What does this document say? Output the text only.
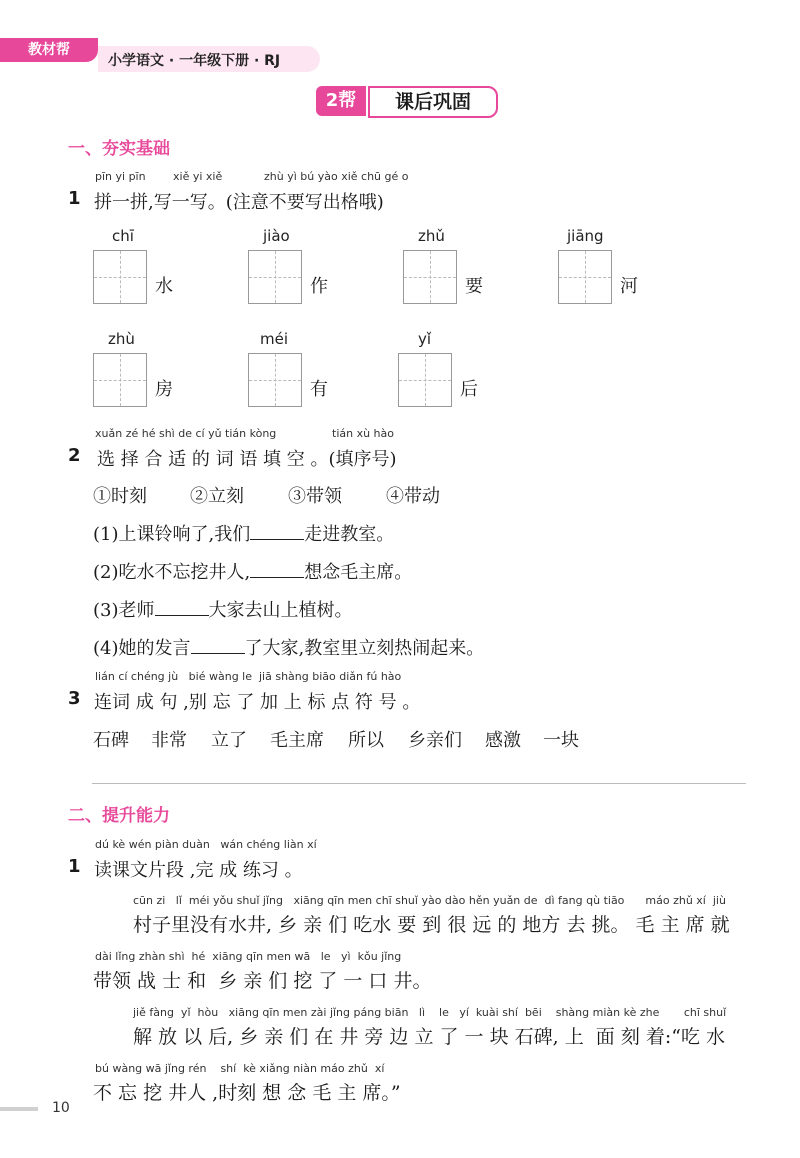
教材帮
小学语文 · 一年级下册 · RJ
2帮	课后巩固
一、夯实基础
pīn yi pīn xiě yi xiě	zhù yì bú yào xiě chū gé o
1 拼一拼,写一写。(注意不要写出格哦)
chī
水
jiào
作
zhǔ
要
jiāng
河
zhù
房
méi
有
yǐ
后
xuǎn zé hé shì de cí yǔ tián kòng	tián xù hào
2 选 择 合 适 的 词 语 填 空 。(填序号)
①时刻 ②立刻 ③带领 ④带动
(1)上课铃响了,我们	走进教室。
(2)吃水不忘挖井人,	想念毛主席。
(3)老师	大家去山上植树。
(4)她的发言	了大家,教室里立刻热闹起来。
lián cí chéng jù   bié wàng le  jiā shàng biāo diǎn fú hào
3 连词 成 句 ,别 忘 了 加 上 标 点 符 号 。
石碑 非常 立了 毛主席 所以 乡亲们 感激 一块
二、提升能力
dú kè wén piàn duàn   wán chéng liàn xí
1 读课文片段 ,完 成 练习 。
cūn zi   lǐ  méi yǒu shuǐ jǐng   xiāng qīn men chī shuǐ yào dào hěn yuǎn de  dì fang qù tiāo      máo zhǔ xí  jiù
村子里没有水井, 乡 亲 们 吃水 要 到 很 远 的 地方 去 挑。 毛 主 席 就
dài lǐng zhàn shì  hé  xiāng qīn men wā   le   yì  kǒu jǐng
带领 战 士 和  乡 亲 们 挖 了 一 口 井。
jiě fàng  yǐ  hòu   xiāng qīn men zài jǐng páng biān   lì    le   yí  kuài shí  bēi    shàng miàn kè zhe       chī shuǐ
解 放 以 后, 乡 亲 们 在 井 旁 边 立 了 一 块 石碑, 上  面 刻 着:“吃 水
bú wàng wā jǐng rén    shí  kè xiǎng niàn máo zhǔ  xí
不 忘 挖 井人 ,时刻 想 念 毛 主 席。”
10
